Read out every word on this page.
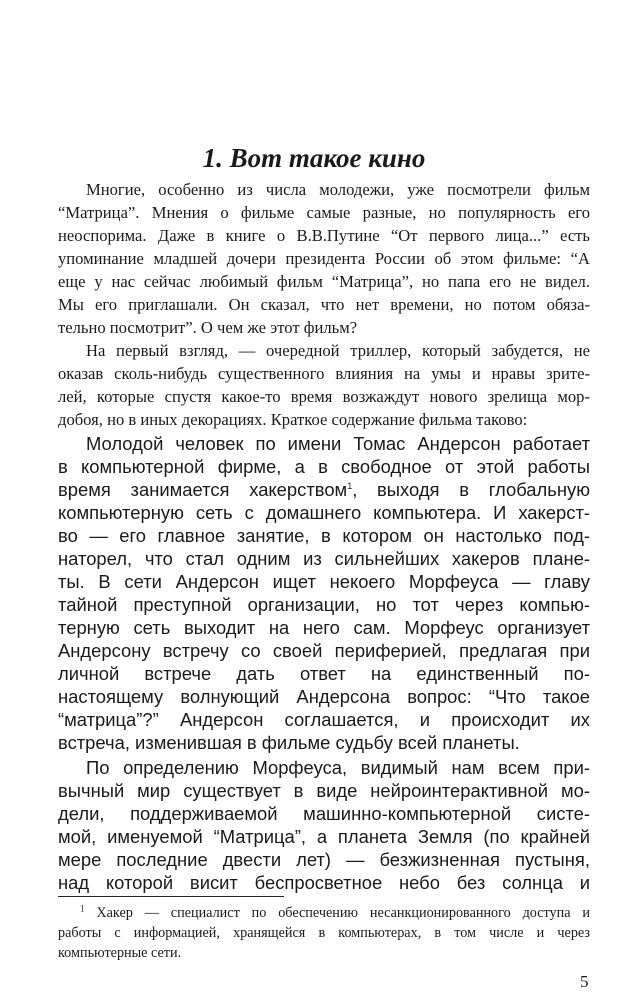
1. Вот такое кино
Многие, особенно из числа молодежи, уже посмотрели фильм
“Матрица”. Мнения о фильме самые разные, но популярность его
неоспорима. Даже в книге о В.В.Путине “От первого лица...” есть
упоминание младшей дочери президента России об этом фильме: “А
еще у нас сейчас любимый фильм “Матрица”, но папа его не видел.
Мы его приглашали. Он сказал, что нет времени, но потом обяза-
тельно посмотрит”. О чем же этот фильм?
На первый взгляд, — очередной триллер, который забудется, не
оказав сколь-нибудь существенного влияния на умы и нравы зрите-
лей, которые спустя какое-то время возжаждут нового зрелища мор-
добоя, но в иных декорациях. Краткое содержание фильма таково:
Молодой человек по имени Томас Андерсон работает
в компьютерной фирме, а в свободное от этой работы
время занимается хакерством$^1$, выходя в глобальную
компьютерную сеть с домашнего компьютера. И хакерст-
во — его главное занятие, в котором он настолько под-
наторел, что стал одним из сильнейших хакеров плане-
ты. В сети Андерсон ищет некоего Морфеуса — главу
тайной преступной организации, но тот через компью-
терную сеть выходит на него сам. Морфеус организует
Андерсону встречу со своей периферией, предлагая при
личной встрече дать ответ на единственный по-
настоящему волнующий Андерсона вопрос: “Что такое
“матрица”?” Андерсон соглашается, и происходит их
встреча, изменившая в фильме судьбу всей планеты.
По определению Морфеуса, видимый нам всем при-
вычный мир существует в виде нейроинтерактивной мо-
дели, поддерживаемой машинно-компьютерной систе-
мой, именуемой “Матрица”, а планета Земля (по крайней
мере последние двести лет) — безжизненная пустыня,
над которой висит беспросветное небо без солнца и
$^1$ Хакер — специалист по обеспечению несанкционированного доступа и
работы с информацией, хранящейся в компьютерах, в том числе и через
компьютерные сети.
5
